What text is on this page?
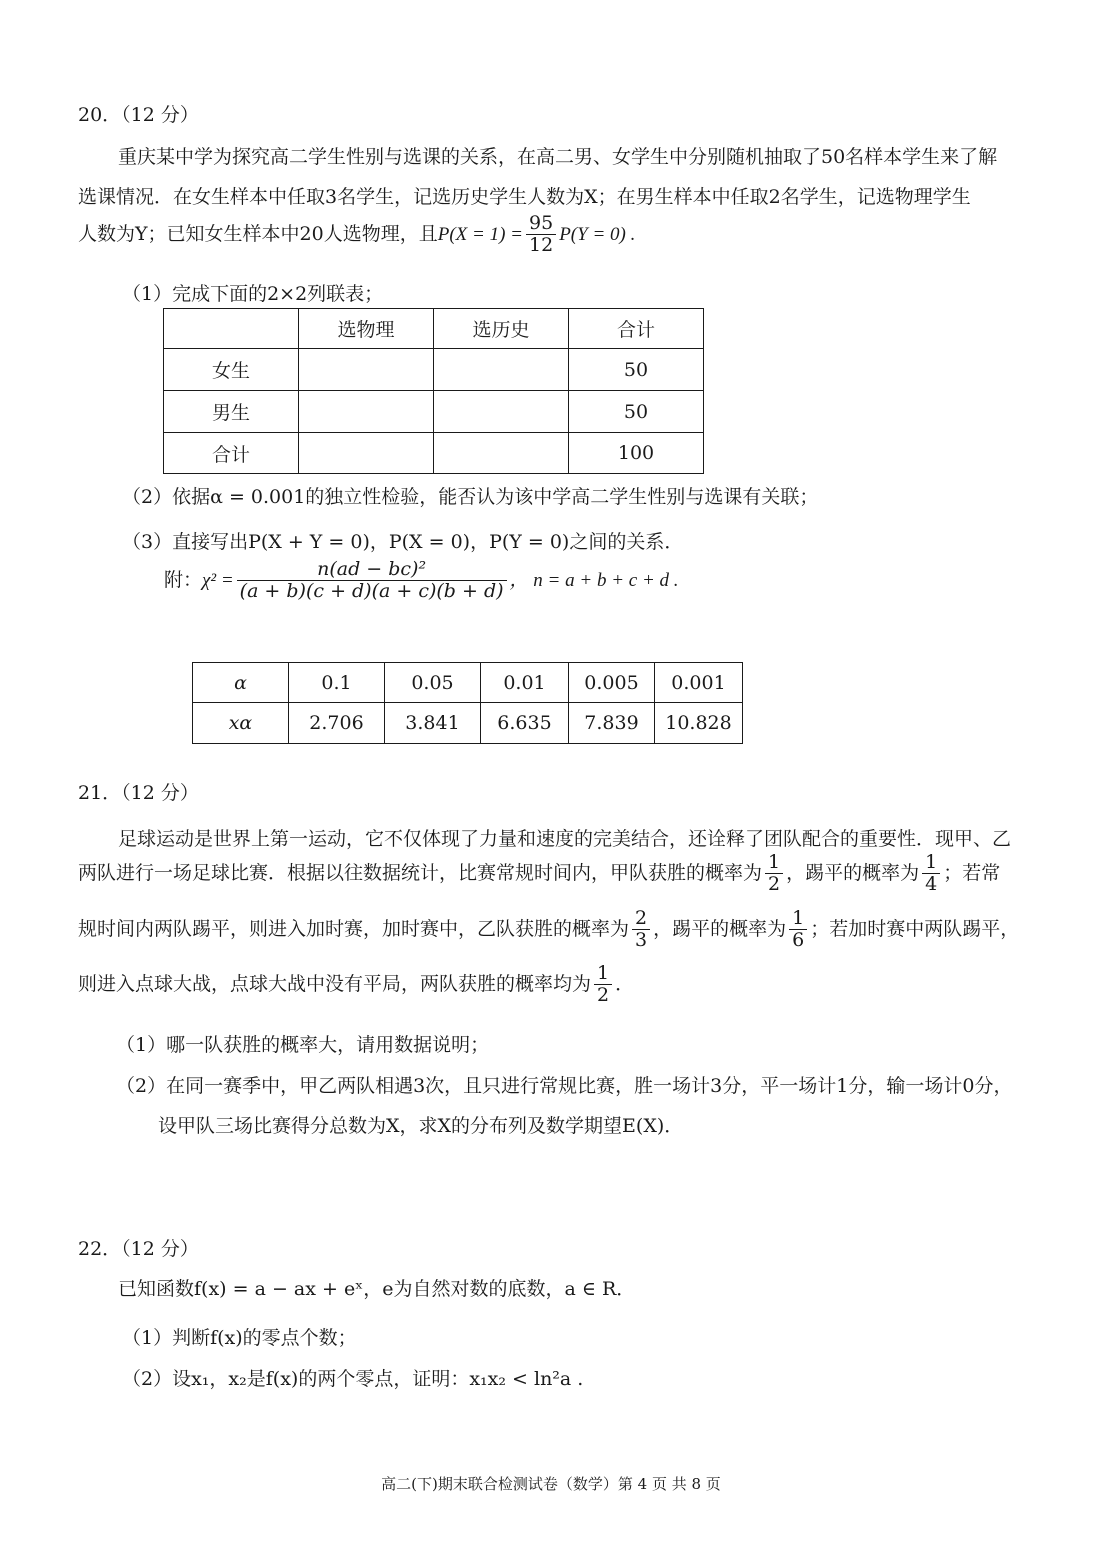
20．（12 分）
重庆某中学为探究高二学生性别与选课的关系，在高二男、女学生中分别随机抽取了50名样本学生来了解
选课情况．在女生样本中任取3名学生，记选历史学生人数为X；在男生样本中任取2名学生，记选物理学生
人数为Y；已知女生样本中20人选物理，且$P(X = 1) = \frac{95}{12} P(Y = 0)$ .
（1）完成下面的2×2列联表；
	选物理	选历史	合计
女生			50
男生			50
合计			100
（2）依据α = 0.001的独立性检验，能否认为该中学高二学生性别与选课有关联；
（3）直接写出P(X + Y = 0)，P(X = 0)，P(Y = 0)之间的关系．
附：$\chi^2 = \frac{\text{n(ad − bc)²}}{(a + b)(c + d)(a + c)(b + d)}$ ， n = a + b + c + d .
α	0.1	0.05	0.01	0.005	0.001
xα	2.706	3.841	6.635	7.839	10.828
21．（12 分）
足球运动是世界上第一运动，它不仅体现了力量和速度的完美结合，还诠释了团队配合的重要性．现甲、乙
两队进行一场足球比赛．根据以往数据统计，比赛常规时间内，甲队获胜的概率为 $\frac{1}{2}$ ，踢平的概率为 $\frac{1}{4}$ ；若常
规时间内两队踢平，则进入加时赛，加时赛中，乙队获胜的概率为 $\frac{2}{3}$ ，踢平的概率为 $\frac{1}{6}$ ；若加时赛中两队踢平，
则进入点球大战，点球大战中没有平局，两队获胜的概率均为 $\frac{1}{2}$ ．
（1）哪一队获胜的概率大，请用数据说明；
（2）在同一赛季中，甲乙两队相遇3次，且只进行常规比赛，胜一场计3分，平一场计1分，输一场计0分，
设甲队三场比赛得分总数为X，求X的分布列及数学期望E(X)．
22．（12 分）
已知函数f(x) = a − ax + eˣ，e为自然对数的底数，a ∈ R．
（1）判断f(x)的零点个数；
（2）设x₁，x₂是f(x)的两个零点，证明：x₁x₂ < ln²a .
高二(下)期末联合检测试卷（数学）第 4 页 共 8 页
